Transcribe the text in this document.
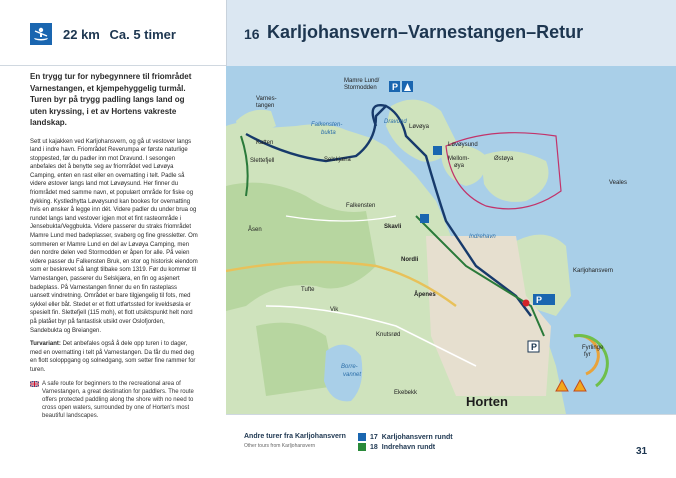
22 km Ca. 5 timer	16 Karljohansvern–Varnestangen–Retur

En trygg tur for nybegynnere til friområdet Varnestangen, et kjempehyggelig turmål. Turen byr på trygg padling langs land og uten kryssing, i et av Hortens vakreste landskap.

Sett ut kajakken ved Karljohansvern, og gå ut vestover langs land i indre havn. Friområdet Reverumpa er første naturlige stoppested, før du padler inn mot Dravund. I sesongen anbefales det å benytte seg av friområdet ved Løvøya Camping, enten en rast eller en overnatting i telt. Padle så videre østover langs land mot Løvøysund. Her finner du friområdet med samme navn, et populært område for fiske og dykking. Kystledhytta Løvøysund kan bookes for overnatting hvis en ønsker å legge inn dét. Videre padler du under brua og rundet langs land vestover igjen mot et fint rasteområde i Jensebukta/Veggbukta. Videre passerer du straks friområdet Mamre Lund med badeplasser, svaberg og fine gressletter. Om sommeren er Mamre Lund en del av Løvøya Camping, men den nordre delen ved Stormodden er åpen for alle. På veien videre passer du Falkensten Bruk, en stor og historisk eiendom som er beskrevet så langt tilbake som 1319. Før du kommer til Varnestangen, passerer du Selskjæra, en fin og asjenert badeplass. På Varnestangen finner du en fin rasteplass uansett vindretning. Området er bare tilgjengelig til fots, med sykkel eller båt. Stedet er et flott utfartssted for kveldsøsla er spesielt fin. Slettefjell (115 moh), et flott utsiktspunkt helt nord på platået byr på fantastisk utsikt over Oslofjorden, Sandebukta og Breiangen.

Turvariant: Det anbefales også å dele opp turen i to dager, med en overnatting i telt på Varnestangen. Da får du med deg en flott soloppgang og solnedgang, som setter fine rammer for turen.

A safe route for beginners to the recreational area of Varnestangen, a great destination for paddlers. The route offers protected paddling along the shore with no need to cross open waters, surrounded by one of Horten's most beautiful landscapes.
P
P
P
Varnes-
tangen
Katten
Slettefjell	Selskjæra
Falkensten-
bukta
Mamre Lund/
Stormodden
Dravund
Løvøya
Løvøysund
Mellom-
øya
Østøya
Veales
Falkensten
Skavli
Indrehavn
Nordli
Karljohansvern
Åpenes
Åsen
Tufte
Vik
Knutsrød
Borre-
vannet
Ekebekk
Horten
Fyrlinge
fyr
Andre turer fra Karljohansvern
Other tours from Karljohansvern
17 Karljohansvern rundt
18 Indrehavn rundt	31
